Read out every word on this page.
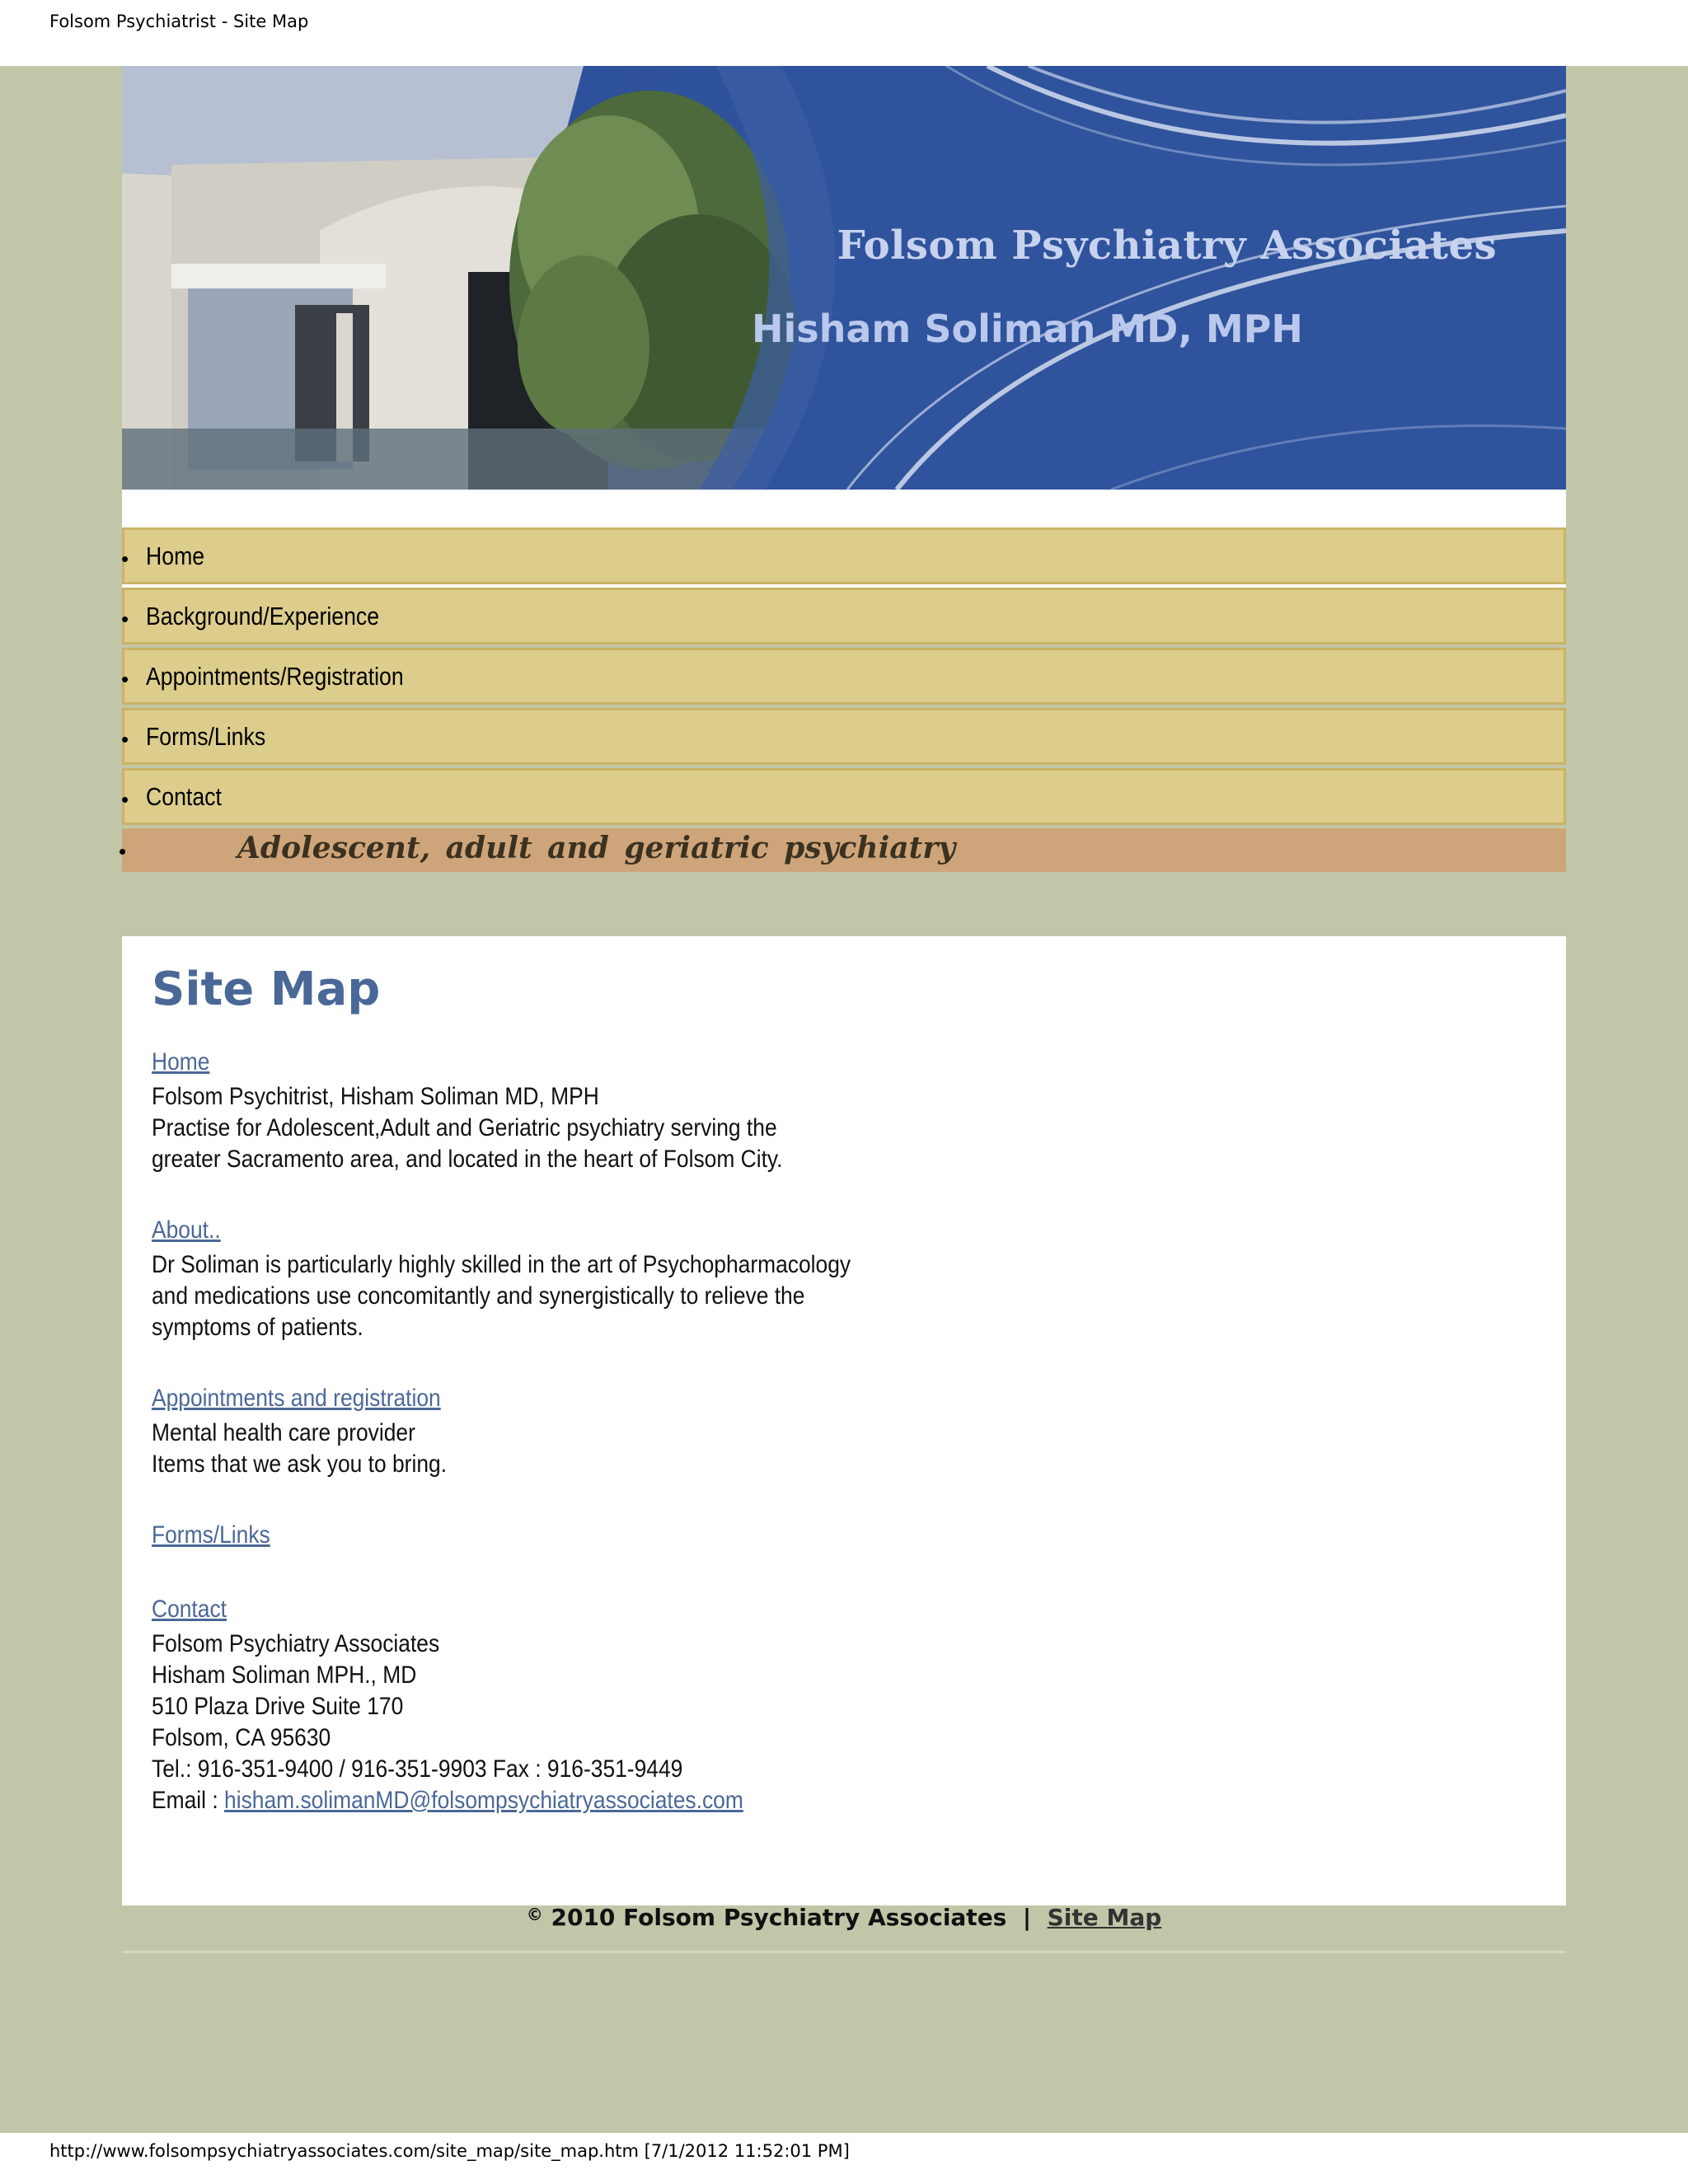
Folsom Psychiatrist - Site Map
Folsom Psychiatry Associates
Hisham Soliman MD, MPH
• Home
• Background/Experience
• Appointments/Registration
• Forms/Links
• Contact
•	Adolescent, adult and geriatric psychiatry
Site Map
Home
Folsom Psychitrist, Hisham Soliman MD, MPH
Practise for Adolescent,Adult and Geriatric psychiatry serving the
greater Sacramento area, and located in the heart of Folsom City.
About..
Dr Soliman is particularly highly skilled in the art of Psychopharmacology
and medications use concomitantly and synergistically to relieve the
symptoms of patients.
Appointments and registration
Mental health care provider
Items that we ask you to bring.
Forms/Links
Contact
Folsom Psychiatry Associates
Hisham Soliman MPH., MD
510 Plaza Drive Suite 170
Folsom, CA 95630
Tel.: 916-351-9400 / 916-351-9903 Fax : 916-351-9449
Email : hisham.solimanMD@folsompsychiatryassociates.com
© 2010 Folsom Psychiatry Associates  |  Site Map
http://www.folsompsychiatryassociates.com/site_map/site_map.htm [7/1/2012 11:52:01 PM]
